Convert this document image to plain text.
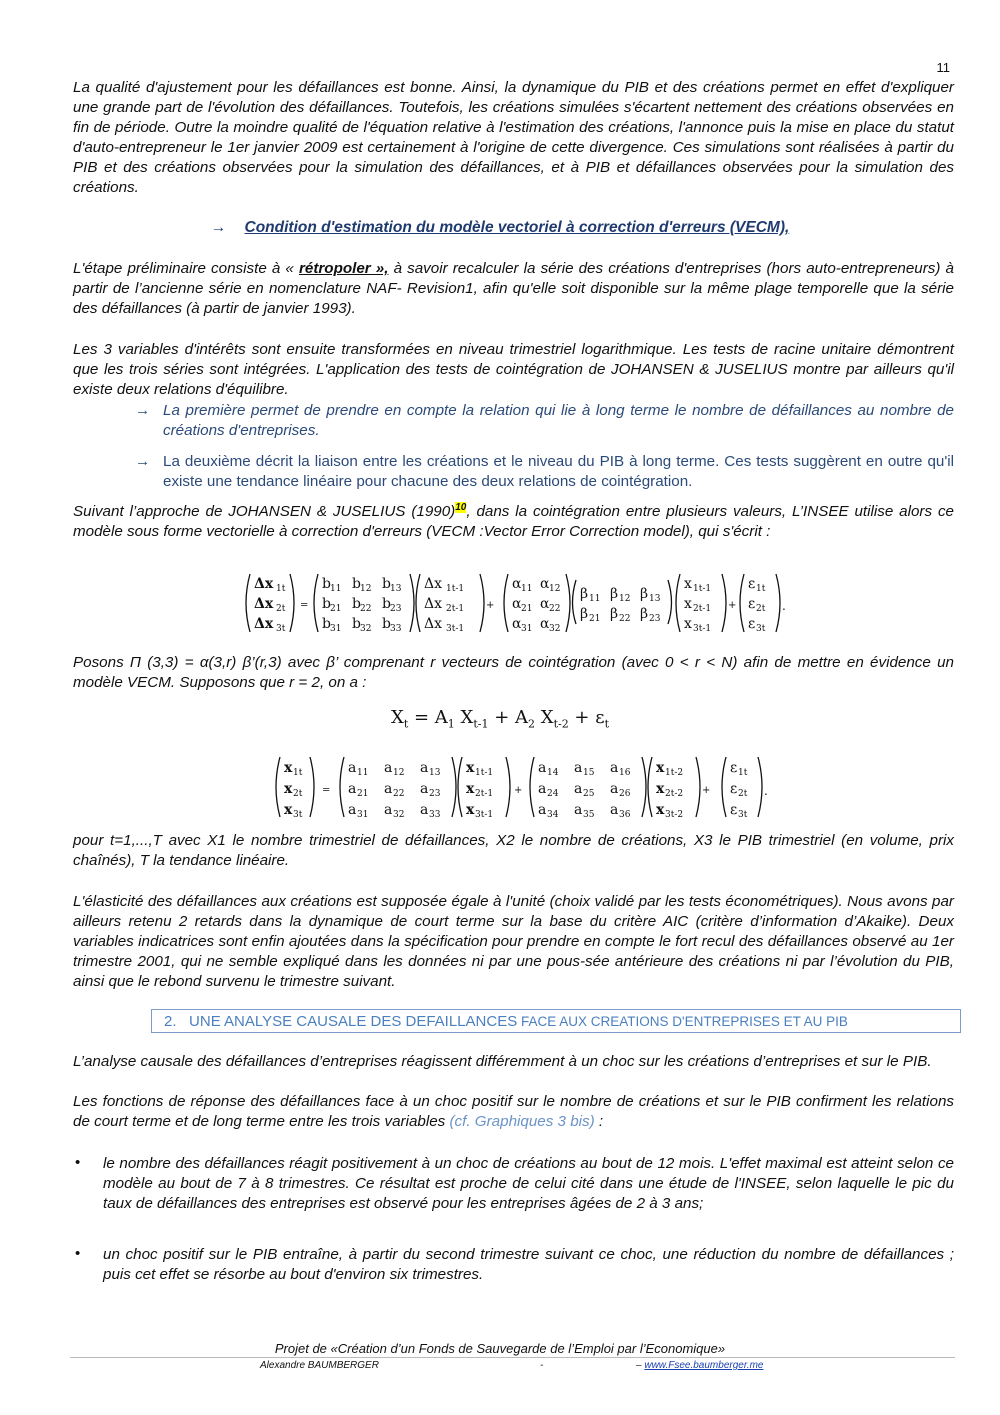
11
La qualité d'ajustement pour les défaillances est bonne. Ainsi, la dynamique du PIB et des créations permet en effet d'expliquer une grande part de l'évolution des défaillances. Toutefois, les créations simulées s'écartent nettement des créations observées en fin de période. Outre la moindre qualité de l'équation relative à l'estimation des créations, l'annonce puis la mise en place du statut d'auto-entrepreneur le 1er janvier 2009 est certainement à l'origine de cette divergence. Ces simulations sont réalisées à partir du PIB et des créations observées pour la simulation des défaillances, et à PIB et défaillances observées pour la simulation des créations.
→ Condition d'estimation du modèle vectoriel à correction d'erreurs (VECM),
L'étape préliminaire consiste à « rétropoler », à savoir recalculer la série des créations d'entreprises (hors auto-entrepreneurs) à partir de l’ancienne série en nomenclature NAF- Revision1, afin qu'elle soit disponible sur la même plage temporelle que la série des défaillances (à partir de janvier 1993).
Les 3 variables d'intérêts sont ensuite transformées en niveau trimestriel logarithmique. Les tests de racine unitaire démontrent que les trois séries sont intégrées. L'application des tests de cointégration de JOHANSEN & JUSELIUS montre par ailleurs qu'il existe deux relations d'équilibre.
→ La première permet de prendre en compte la relation qui lie à long terme le nombre de défaillances au nombre de créations d'entreprises.
→ La deuxième décrit la liaison entre les créations et le niveau du PIB à long terme. Ces tests suggèrent en outre qu'il existe une tendance linéaire pour chacune des deux relations de cointégration.
Suivant l’approche de JOHANSEN & JUSELIUS $(1990)^{10}$, dans la cointégration entre plusieurs valeurs, L’INSEE utilise alors ce modèle sous forme vectorielle à correction d'erreurs (VECM :Vector Error Correction model), qui s'écrit :
Δx 1t
Δx 2t
Δx 3t
=
b 11 b 12 b 13
b 21 b 22 b 23
b 31 b 32 b 33
Δx 1t-1
Δx 2t-1
Δx 3t-1
+
α 11 α 12
α 21 α 22
α 31 α 32
β 11 β 12 β 13
β 21 β 22 β 23
x 1t-1
x 2t-1
x 3t-1
+
ε 1t
ε 2t
ε 3t
.
Posons Π (3,3) = α(3,r) β’(r,3) avec β’ comprenant r vecteurs de cointégration (avec 0 < r < N) afin de mettre en évidence un modèle VECM. Supposons que r = 2, on a :
$X_t = A_1$ $X_{t-1} + A_2$ $X_{t-2} + \varepsilon_t$
x 1t
x 2t
x 3t
=
a 11 a 12 a 13
a 21 a 22 a 23
a 31 a 32 a 33
x 1t-1
x 2t-1
x 3t-1
+
a 14 a 15 a 16
a 24 a 25 a 26
a 34 a 35 a 36
x 1t-2
x 2t-2
x 3t-2
+
ε 1t
ε 2t
ε 3t
.
pour t=1,...,T avec X1 le nombre trimestriel de défaillances, X2 le nombre de créations, X3 le PIB trimestriel (en volume, prix chaînés), T la tendance linéaire.
L'élasticité des défaillances aux créations est supposée égale à l'unité (choix validé par les tests économétriques). Nous avons par ailleurs retenu 2 retards dans la dynamique de court terme sur la base du critère AIC (critère d’information d’Akaike). Deux variables indicatrices sont enfin ajoutées dans la spécification pour prendre en compte le fort recul des défaillances observé au 1er trimestre 2001, qui ne semble expliqué dans les données ni par une pous-sée antérieure des créations ni par l’évolution du PIB, ainsi que le rebond survenu le trimestre suivant.
2. UNE ANALYSE CAUSALE DES DEFAILLANCES FACE AUX CREATIONS D'ENTREPRISES ET AU PIB
L’analyse causale des défaillances d’entreprises réagissent différemment à un choc sur les créations d’entreprises et sur le PIB.
Les fonctions de réponse des défaillances face à un choc positif sur le nombre de créations et sur le PIB confirment les relations de court terme et de long terme entre les trois variables (cf. Graphiques 3 bis) :
• le nombre des défaillances réagit positivement à un choc de créations au bout de 12 mois. L'effet maximal est atteint selon ce modèle au bout de 7 à 8 trimestres. Ce résultat est proche de celui cité dans une étude de l'INSEE, selon laquelle le pic du taux de défaillances des entreprises est observé pour les entreprises âgées de 2 à 3 ans;
• un choc positif sur le PIB entraîne, à partir du second trimestre suivant ce choc, une réduction du nombre de défaillances ; puis cet effet se résorbe au bout d'environ six trimestres.
Projet de «Création d’un Fonds de Sauvegarde de l’Emploi par l’Economique»
Alexandre BAUMBERGER	-	– www.Fsee.baumberger.me
